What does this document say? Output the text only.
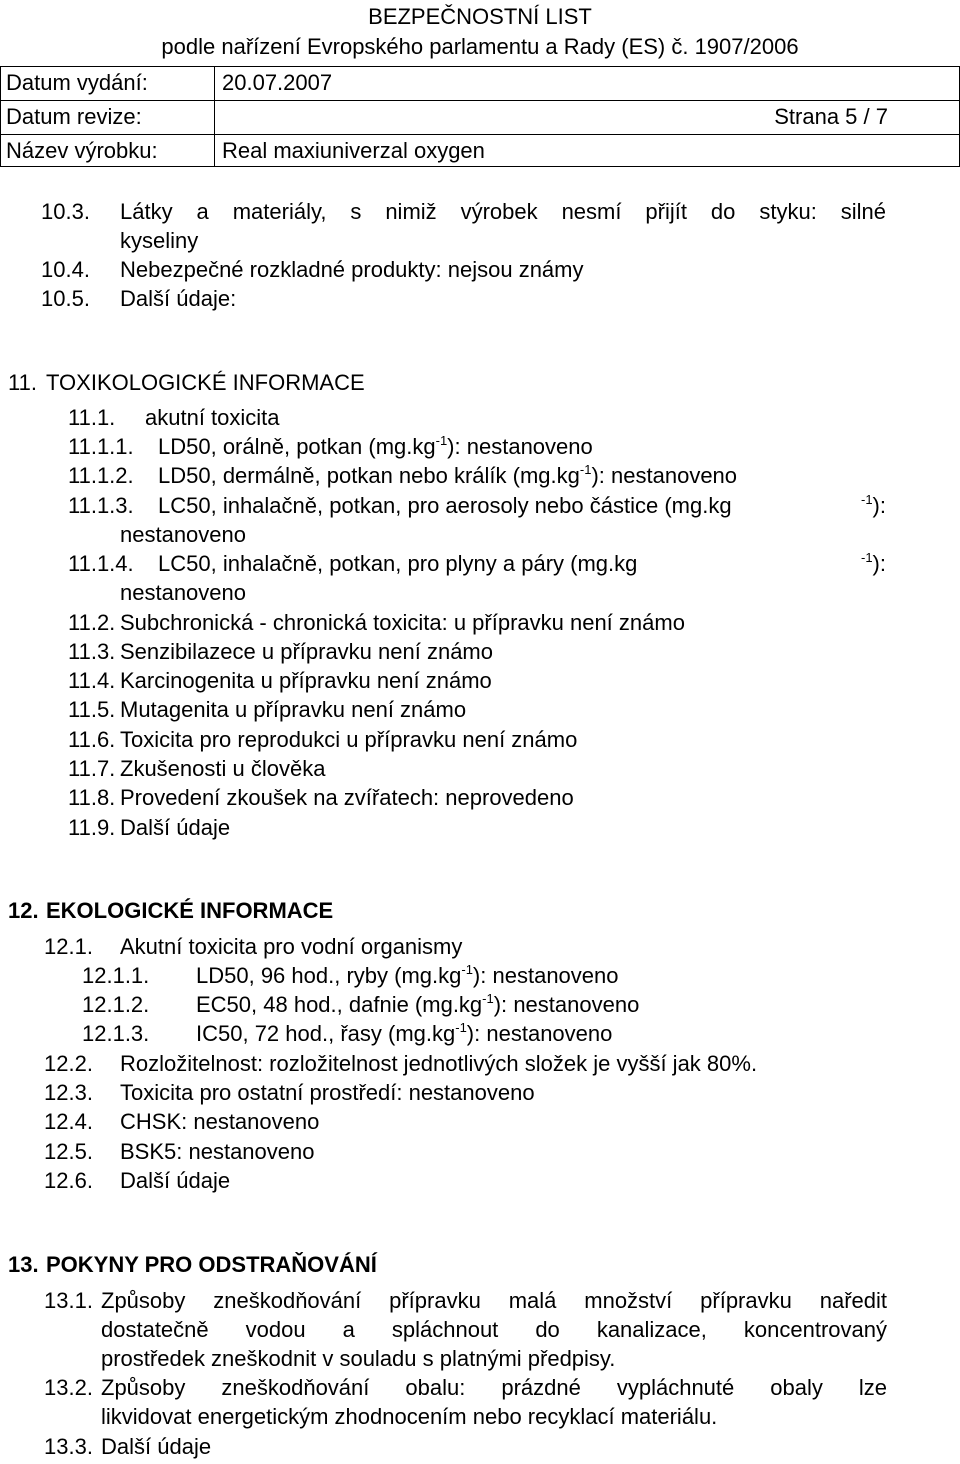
BEZPEČNOSTNÍ LIST
podle nařízení Evropského parlamentu a Rady (ES) č. 1907/2006
Datum vydání:	20.07.2007
Datum revize:	Strana 5 / 7
Název výrobku:	Real maxiuniverzal oxygen
10.3. Látky a materiály, s nimiž výrobek nesmí přijít do styku: silné
kyseliny
10.4. Nebezpečné rozkladné produkty: nejsou známy
10.5. Další údaje:
11. TOXIKOLOGICKÉ INFORMACE
11.1. akutní toxicita
11.1.1. LD50, orálně, potkan $(mg.kg^{-1})$: nestanoveno
11.1.2. LD50, dermálně, potkan nebo králík $(mg.kg^{-1})$: nestanoveno
11.1.3. LC50, inhalačně, potkan, pro aerosoly nebo částice (mg.kg	$^{-1}$):
nestanoveno
11.1.4. LC50, inhalačně, potkan, pro plyny a páry (mg.kg	$^{-1}$):
nestanoveno
11.2. Subchronická - chronická toxicita: u přípravku není známo
11.3. Senzibilazece u přípravku není známo
11.4. Karcinogenita u přípravku není známo
11.5. Mutagenita u přípravku není známo
11.6. Toxicita pro reprodukci u přípravku není známo
11.7. Zkušenosti u člověka
11.8. Provedení zkoušek na zvířatech: neprovedeno
11.9. Další údaje
12. EKOLOGICKÉ INFORMACE
12.1. Akutní toxicita pro vodní organismy
12.1.1. LD50, 96 hod., ryby $(mg.kg^{-1})$: nestanoveno
12.1.2. EC50, 48 hod., dafnie $(mg.kg^{-1})$: nestanoveno
12.1.3. IC50, 72 hod., řasy $(mg.kg^{-1})$: nestanoveno
12.2. Rozložitelnost: rozložitelnost jednotlivých složek je vyšší jak 80%.
12.3. Toxicita pro ostatní prostředí: nestanoveno
12.4. CHSK: nestanoveno
12.5. BSK5: nestanoveno
12.6. Další údaje
13. POKYNY PRO ODSTRAŇOVÁNÍ
13.1. Způsoby zneškodňování přípravku malá množství přípravku naředit
dostatečně vodou a spláchnout do kanalizace, koncentrovaný
prostředek zneškodnit v souladu s platnými předpisy.
13.2. Způsoby zneškodňování obalu: prázdné vypláchnuté obaly lze
likvidovat energetickým zhodnocením nebo recyklací materiálu.
13.3. Další údaje
